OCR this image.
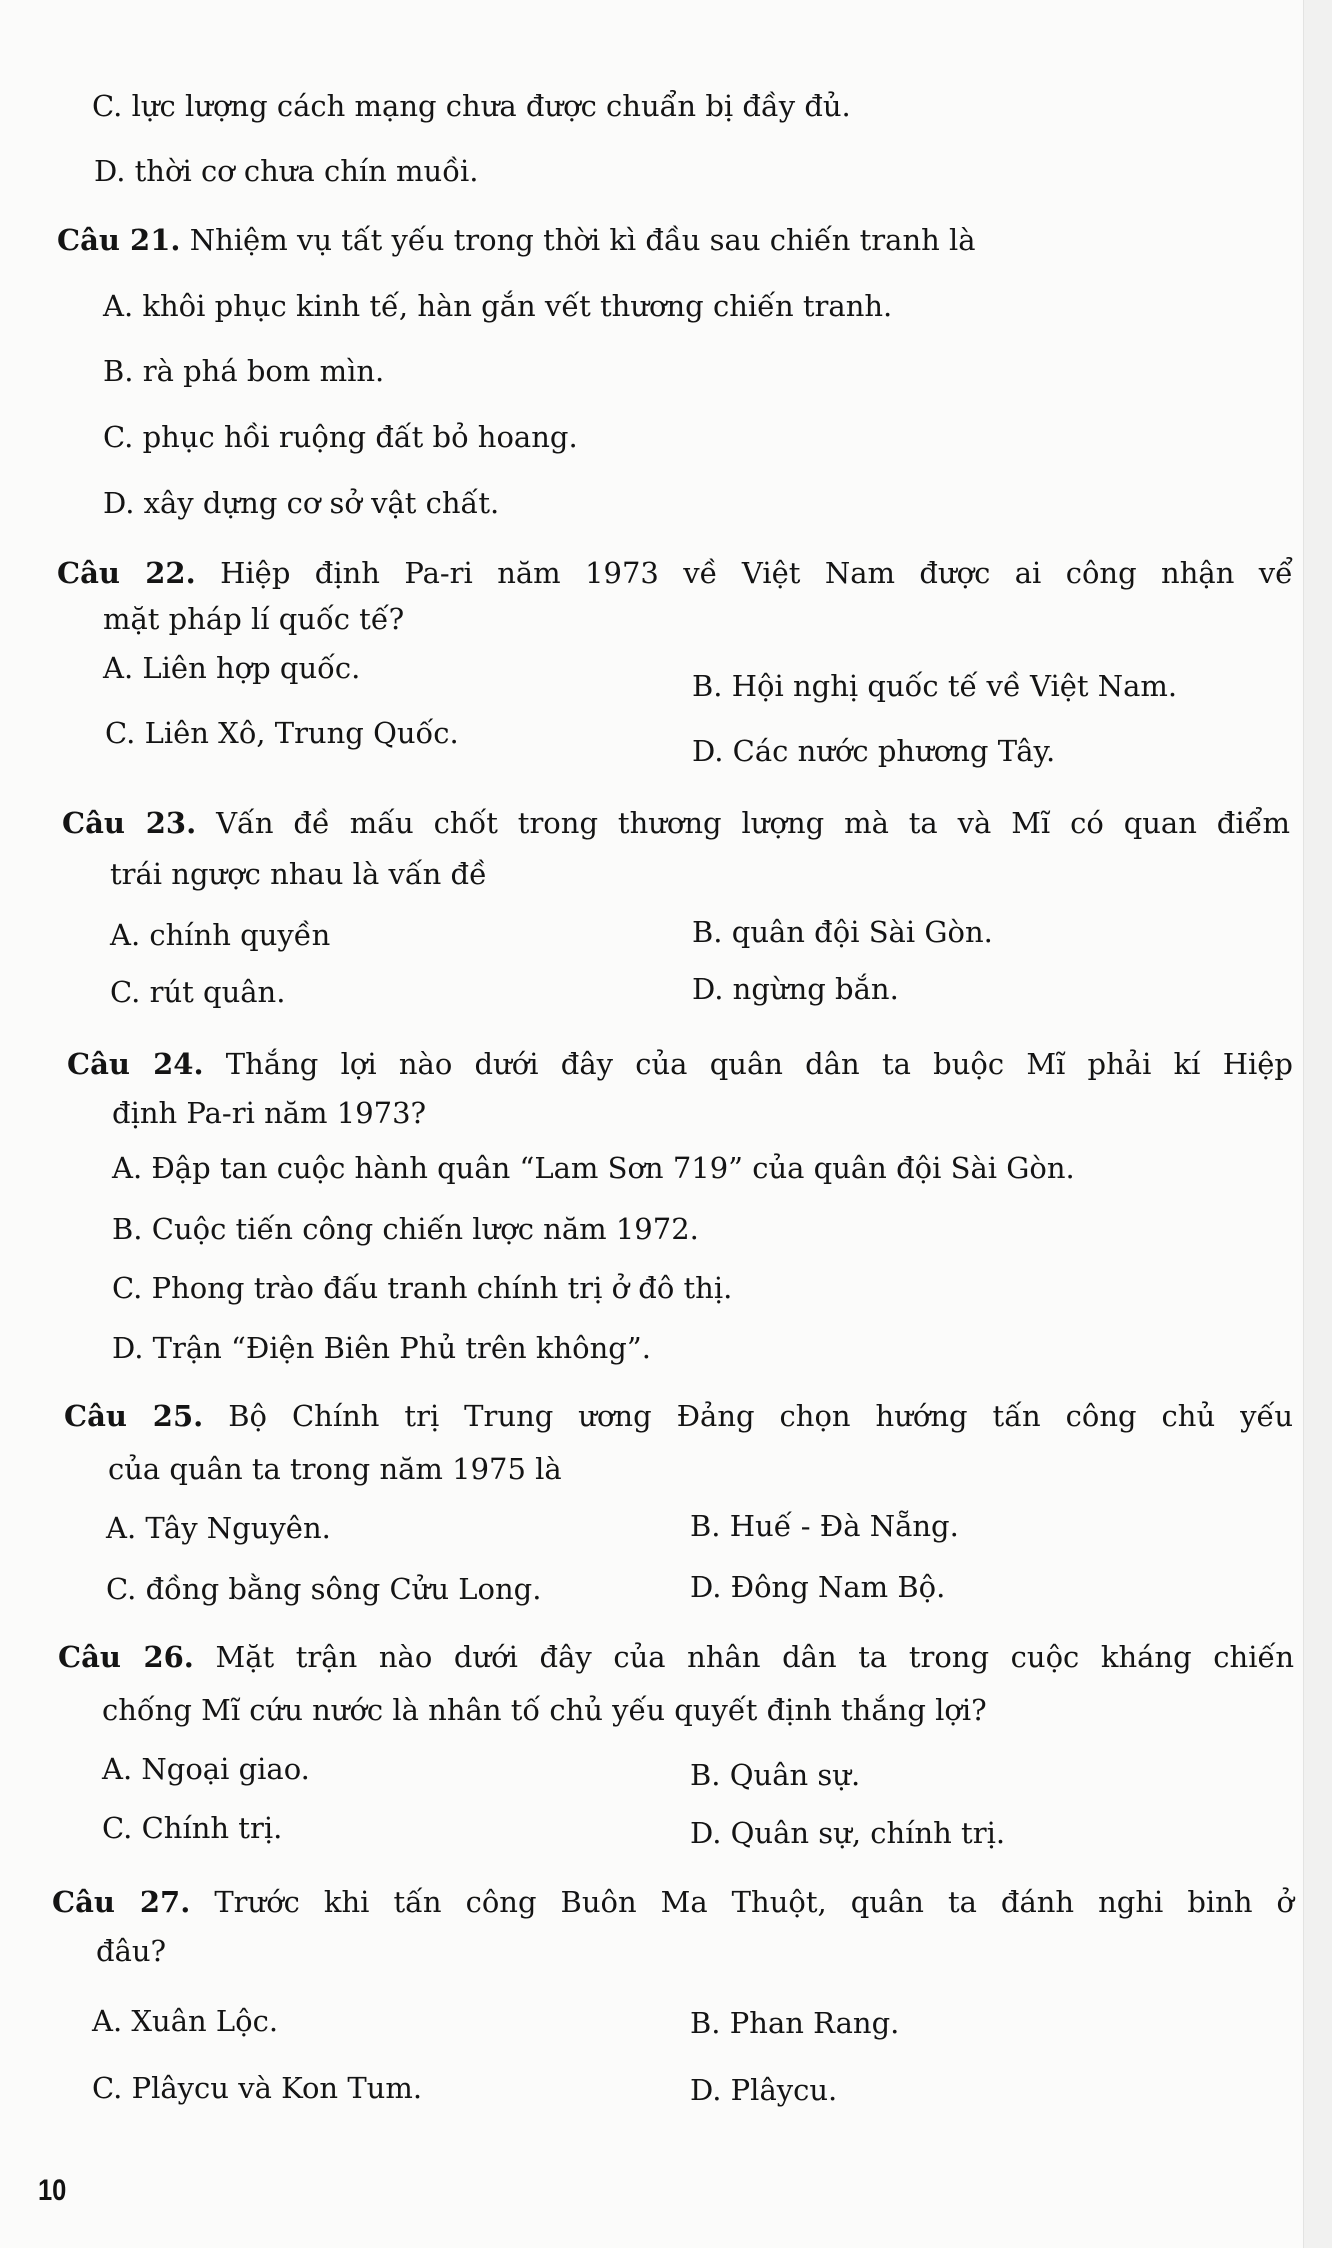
C. lực lượng cách mạng chưa được chuẩn bị đầy đủ.
D. thời cơ chưa chín muồi.
Câu 21. Nhiệm vụ tất yếu trong thời kì đầu sau chiến tranh là
A. khôi phục kinh tế, hàn gắn vết thương chiến tranh.
B. rà phá bom mìn.
C. phục hồi ruộng đất bỏ hoang.
D. xây dựng cơ sở vật chất.
Câu 22. Hiệp định Pa-ri năm 1973 về Việt Nam được ai công nhận vể
mặt pháp lí quốc tế?
A. Liên hợp quốc.
B. Hội nghị quốc tế về Việt Nam.
C. Liên Xô, Trung Quốc.
D. Các nước phương Tây.
Câu 23. Vấn đề mấu chốt trong thương lượng mà ta và Mĩ có quan điểm
trái ngược nhau là vấn đề
A. chính quyền	B. quân đội Sài Gòn.
C. rút quân.	D. ngừng bắn.
Câu 24. Thắng lợi nào dưới đây của quân dân ta buộc Mĩ phải kí Hiệp
định Pa-ri năm 1973?
A. Đập tan cuộc hành quân “Lam Sơn 719” của quân đội Sài Gòn.
B. Cuộc tiến công chiến lược năm 1972.
C. Phong trào đấu tranh chính trị ở đô thị.
D. Trận “Điện Biên Phủ trên không”.
Câu 25. Bộ Chính trị Trung ương Đảng chọn hướng tấn công chủ yếu
của quân ta trong năm 1975 là
A. Tây Nguyên.	B. Huế - Đà Nẵng.
C. đồng bằng sông Cửu Long.	D. Đông Nam Bộ.
Câu 26. Mặt trận nào dưới đây của nhân dân ta trong cuộc kháng chiến
chống Mĩ cứu nước là nhân tố chủ yếu quyết định thắng lợi?
A. Ngoại giao.	B. Quân sự.
C. Chính trị.	D. Quân sự, chính trị.
Câu 27. Trước khi tấn công Buôn Ma Thuột, quân ta đánh nghi binh ở
đâu?
A. Xuân Lộc.	B. Phan Rang.
C. Plâycu và Kon Tum.	D. Plâycu.
10
